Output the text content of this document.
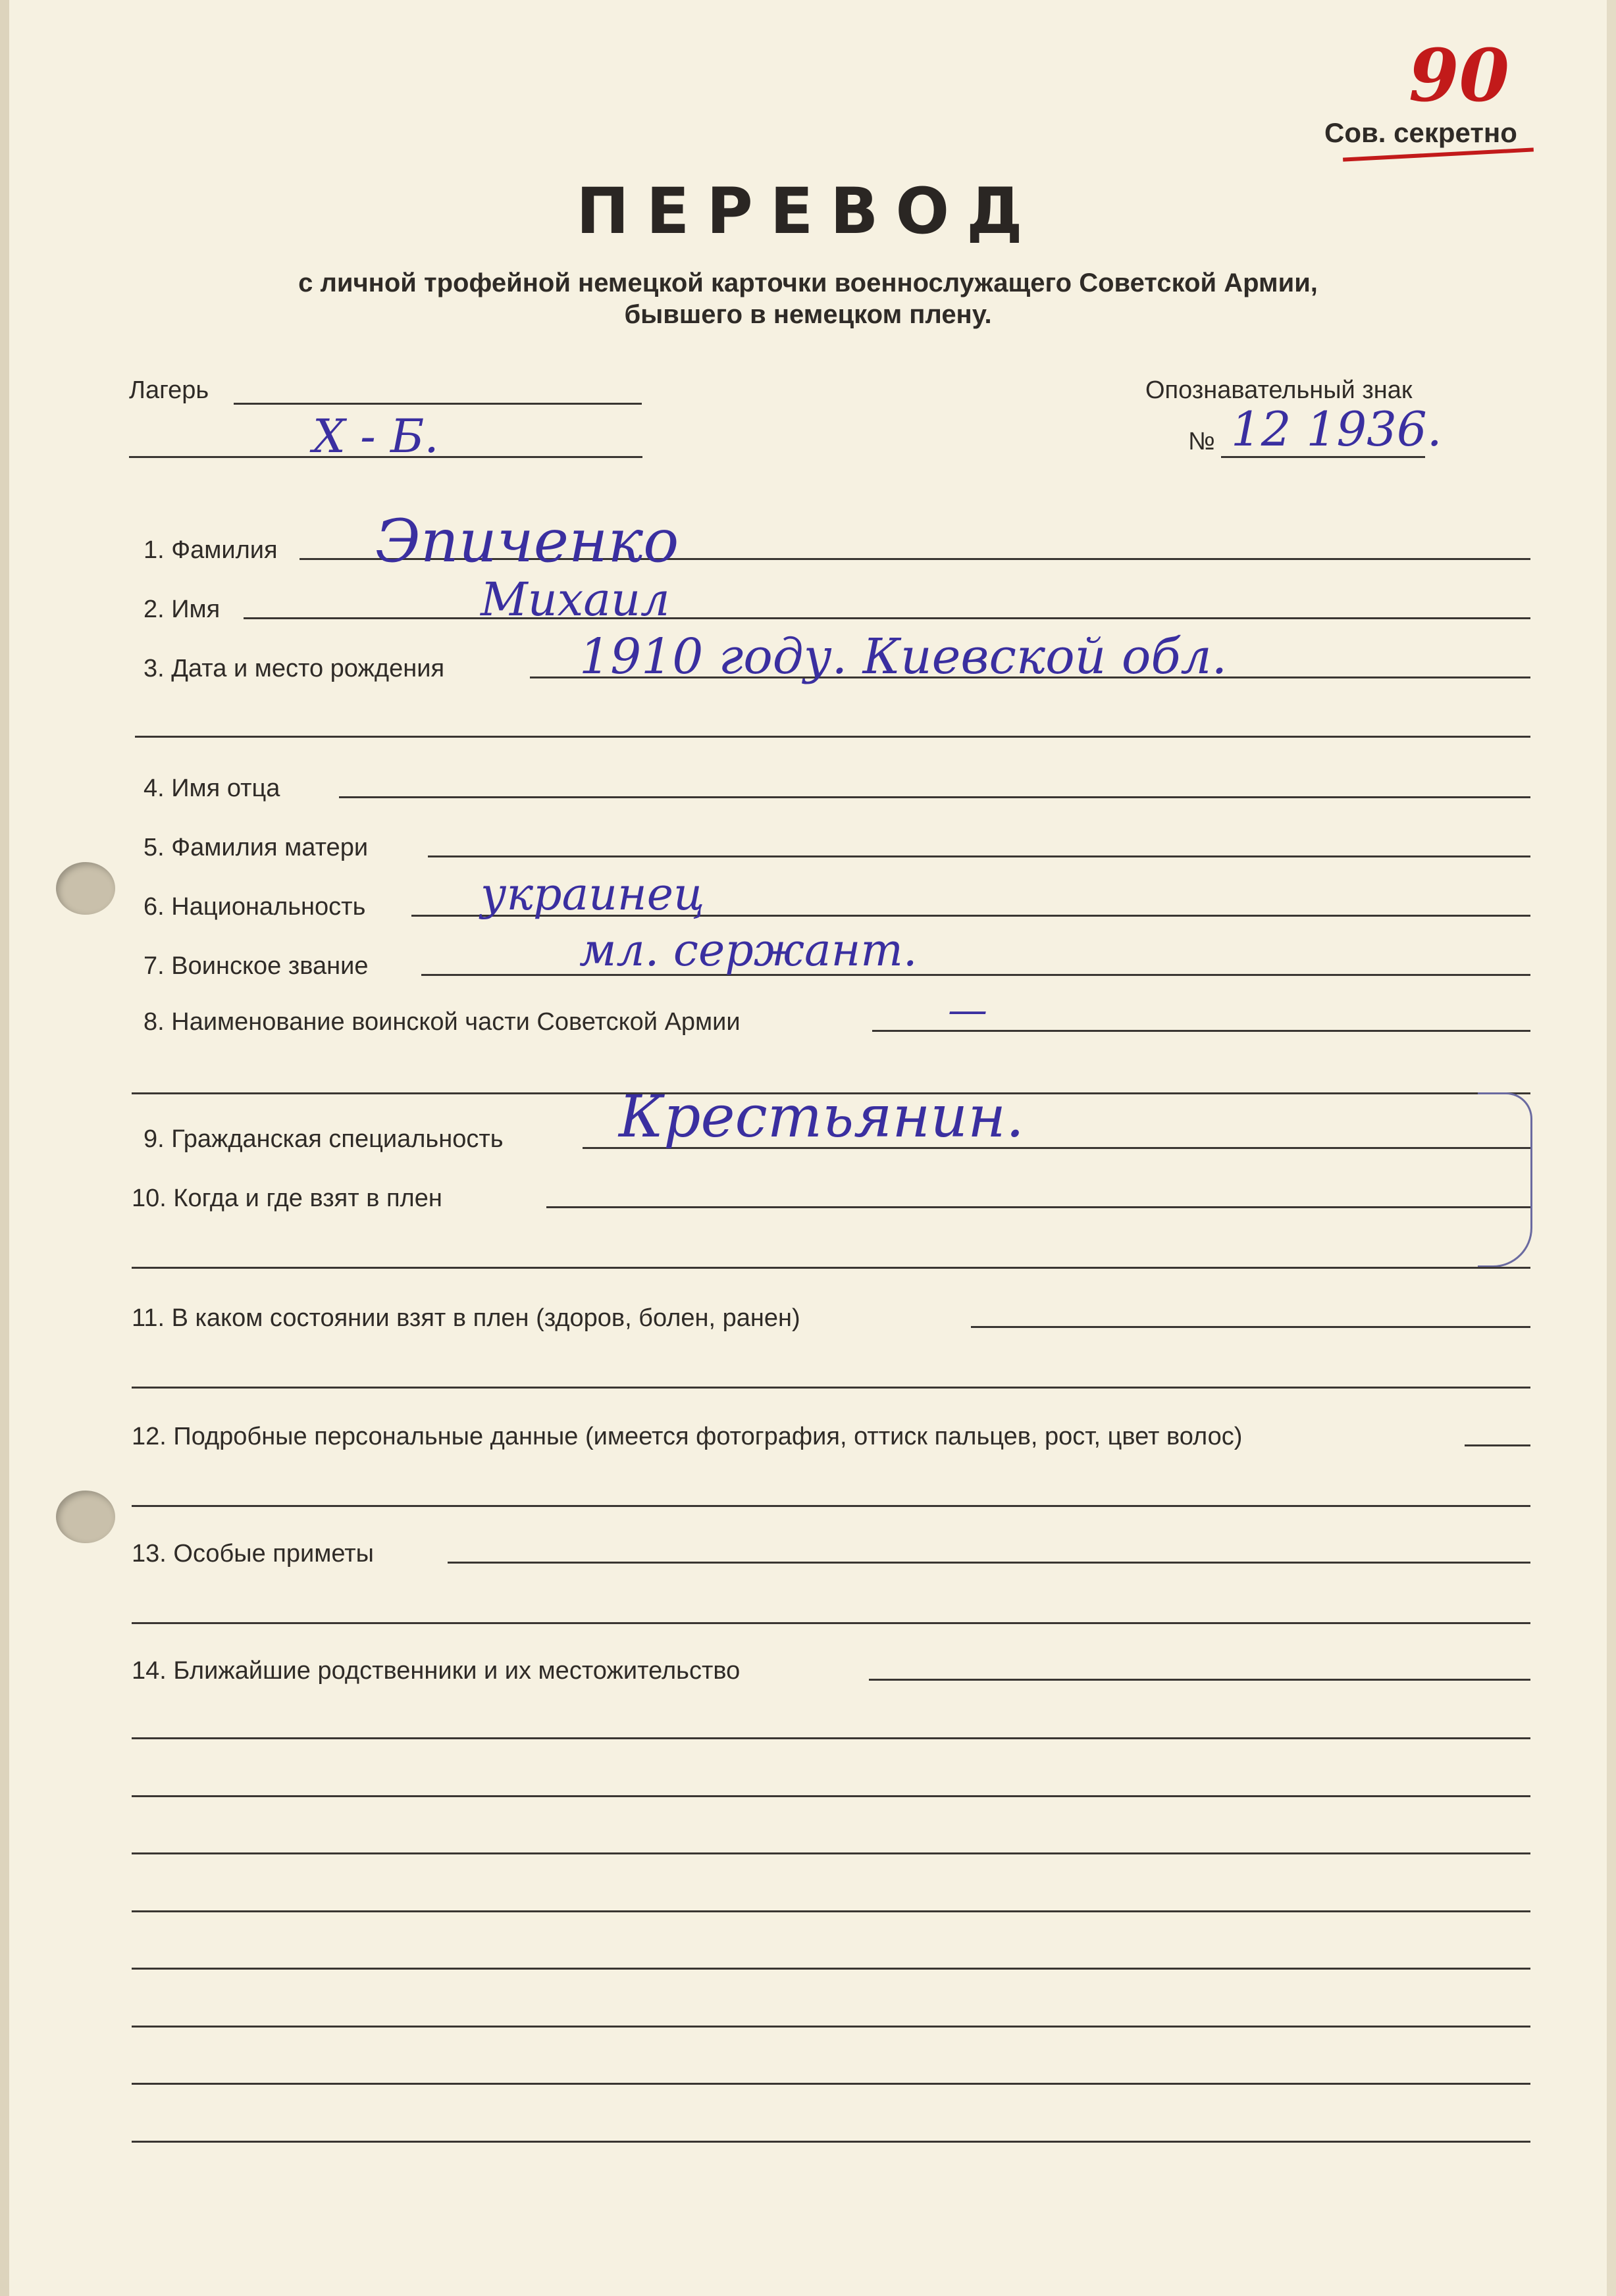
90
Сов. секретно
ПЕРЕВОД
с личной трофейной немецкой карточки военнослужащего Советской Армии,
бывшего в немецком плену.
Лагерь
X - Б.
Опознавательный знак
№ 12 1936.
1. Фамилия Эпиченко
2. Имя	Михаил
3. Дата и место рождения	1910 году. Киевской обл.
4. Имя отца
5. Фамилия матери
6. Национальность	украинец
7. Воинское звание	мл. сержант.
8. Наименование воинской части Советской Армии	—
9. Гражданская специальность Крестьянин.
10. Когда и где взят в плен
11. В каком состоянии взят в плен (здоров, болен, ранен)
12. Подробные персональные данные (имеется фотография, оттиск пальцев, рост, цвет волос)
13. Особые приметы
14. Ближайшие родственники и их местожительство
